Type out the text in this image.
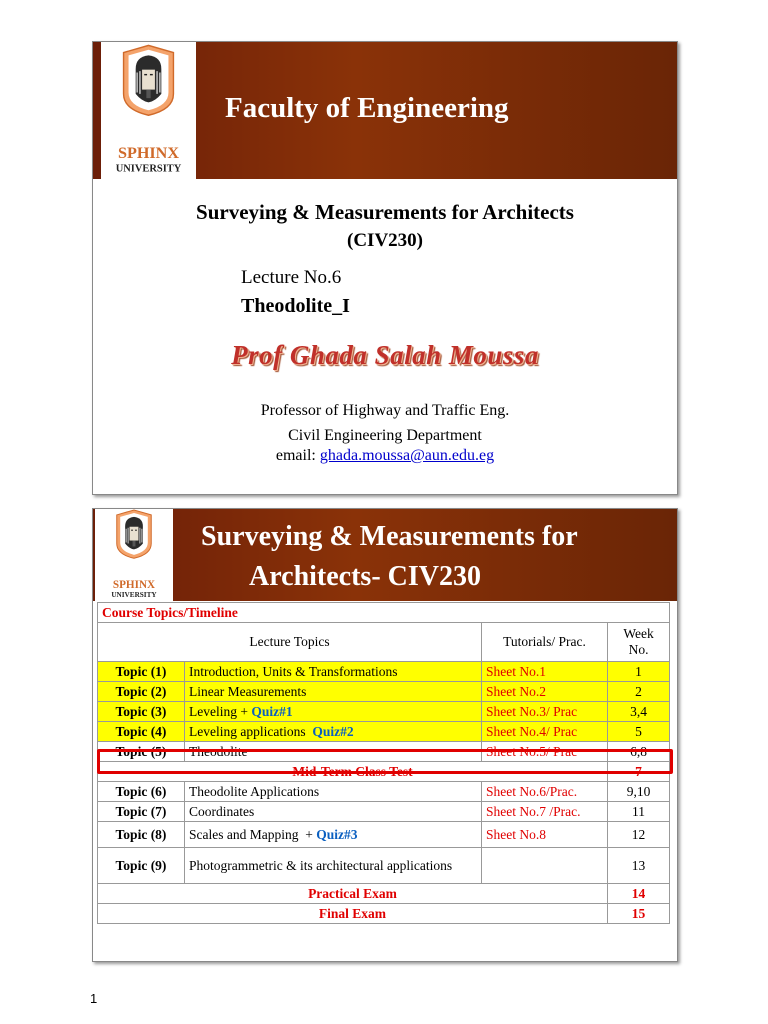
SPHINX
UNIVERSITY
Faculty of Engineering
Surveying & Measurements for Architects
(CIV230)
Lecture No.6
Theodolite_I
Prof Ghada Salah Moussa
Professor of Highway and Traffic Eng.
Civil Engineering Department
email: ghada.moussa@aun.edu.eg
SPHINX
UNIVERSITY
Surveying & Measurements for
Architects- CIV230
Course Topics/Timeline			
Lecture Topics		Tutorials/ Prac.	Week No.
Topic (1)	Introduction, Units & Transformations	Sheet No.1	1
Topic (2)	Linear Measurements	Sheet No.2	2
Topic (3)	Leveling + Quiz#1	Sheet No.3/ Prac	3,4
Topic (4)	Leveling applications  Quiz#2	Sheet No.4/ Prac	5
Topic (5)	Theodolite	Sheet No.5/ Prac	6,8
Mid-Term Class Test			7
Topic (6)	Theodolite Applications	Sheet No.6/Prac.	9,10
Topic (7)	Coordinates	Sheet No.7 /Prac.	11
Topic (8)	Scales and Mapping  + Quiz#3	Sheet No.8	12
Topic (9)	Photogrammetric & its architectural applications		13
Practical Exam			14
Final Exam			15
1
